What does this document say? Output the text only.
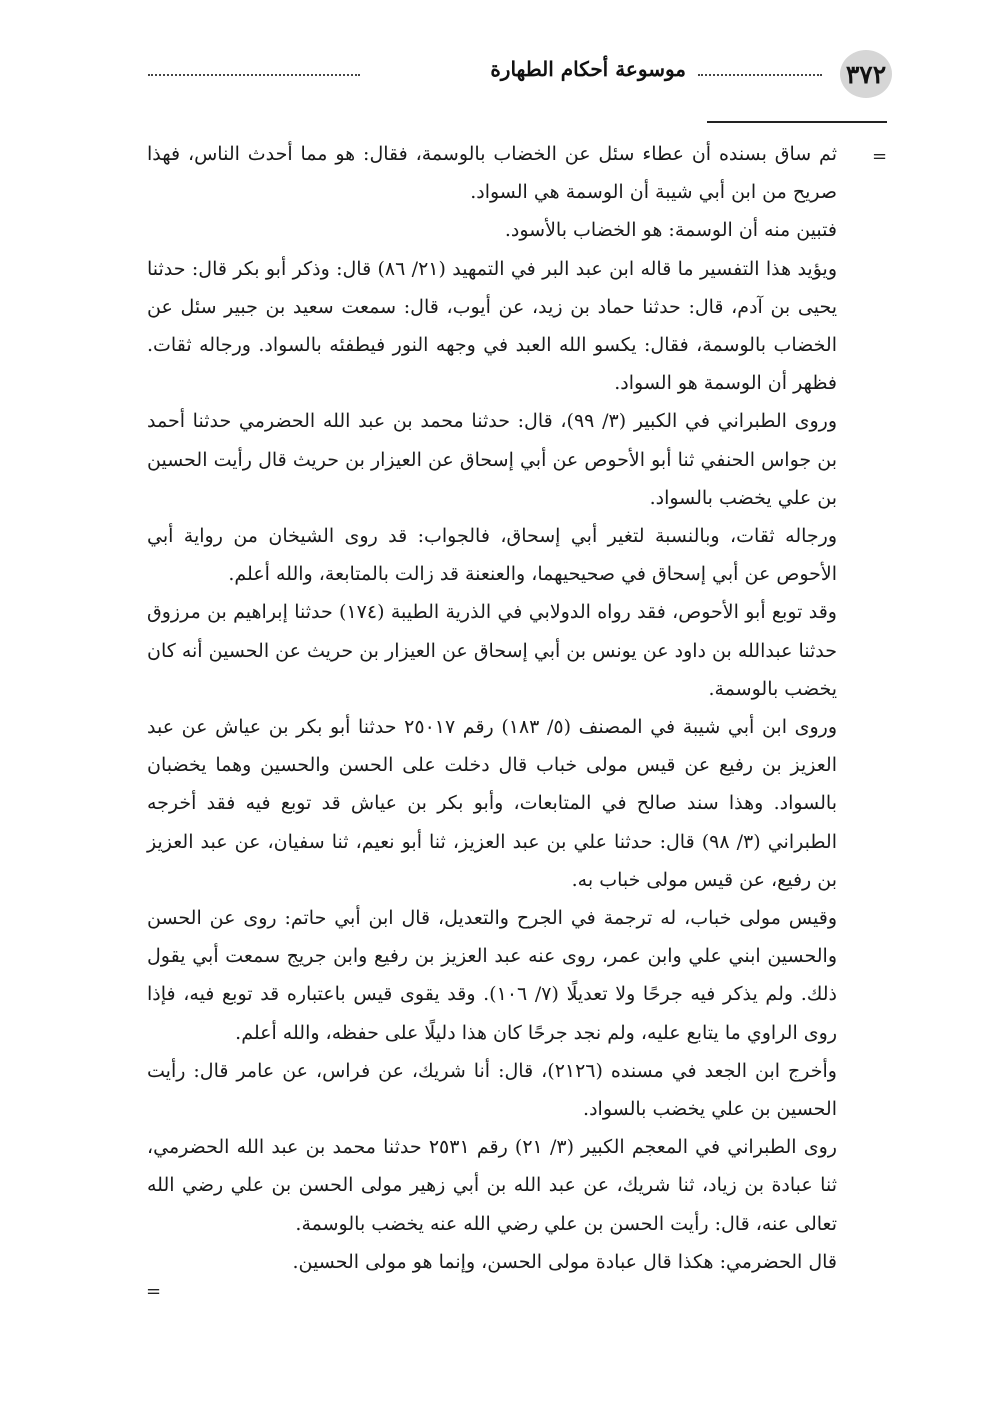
٣٧٢
موسوعة أحكام الطهارة
=

ثم ساق بسنده أن عطاء سئل عن الخضاب بالوسمة، فقال: هو مما أحدث الناس، فهذا صريح من ابن أبي شيبة أن الوسمة هي السواد.

فتبين منه أن الوسمة: هو الخضاب بالأسود.

ويؤيد هذا التفسير ما قاله ابن عبد البر في التمهيد (٢١/ ٨٦) قال: وذكر أبو بكر قال: حدثنا يحيى بن آدم، قال: حدثنا حماد بن زيد، عن أيوب، قال: سمعت سعيد بن جبير سئل عن الخضاب بالوسمة، فقال: يكسو الله العبد في وجهه النور فيطفئه بالسواد. ورجاله ثقات. فظهر أن الوسمة هو السواد.

وروى الطبراني في الكبير (٣/ ٩٩)، قال: حدثنا محمد بن عبد الله الحضرمي حدثنا أحمد بن جواس الحنفي ثنا أبو الأحوص عن أبي إسحاق عن العيزار بن حريث قال رأيت الحسين بن علي يخضب بالسواد.

ورجاله ثقات، وبالنسبة لتغير أبي إسحاق، فالجواب: قد روى الشيخان من رواية أبي الأحوص عن أبي إسحاق في صحيحيهما، والعنعنة قد زالت بالمتابعة، والله أعلم.

وقد توبع أبو الأحوص، فقد رواه الدولابي في الذرية الطيبة (١٧٤) حدثنا إبراهيم بن مرزوق حدثنا عبدالله بن داود عن يونس بن أبي إسحاق عن العيزار بن حريث عن الحسين أنه كان يخضب بالوسمة.

وروى ابن أبي شيبة في المصنف (٥/ ١٨٣) رقم ٢٥٠١٧ حدثنا أبو بكر بن عياش عن عبد العزيز بن رفيع عن قيس مولى خباب قال دخلت على الحسن والحسين وهما يخضبان بالسواد. وهذا سند صالح في المتابعات، وأبو بكر بن عياش قد توبع فيه فقد أخرجه الطبراني (٣/ ٩٨) قال: حدثنا علي بن عبد العزيز، ثنا أبو نعيم، ثنا سفيان، عن عبد العزيز بن رفيع، عن قيس مولى خباب به.

وقيس مولى خباب، له ترجمة في الجرح والتعديل، قال ابن أبي حاتم: روى عن الحسن والحسين ابني علي وابن عمر، روى عنه عبد العزيز بن رفيع وابن جريج سمعت أبي يقول ذلك. ولم يذكر فيه جرحًا ولا تعديلًا (٧/ ١٠٦). وقد يقوى قيس باعتباره قد توبع فيه، فإذا روى الراوي ما يتابع عليه، ولم نجد جرحًا كان هذا دليلًا على حفظه، والله أعلم.

وأخرج ابن الجعد في مسنده (٢١٢٦)، قال: أنا شريك، عن فراس، عن عامر قال: رأيت الحسين بن علي يخضب بالسواد.

روى الطبراني في المعجم الكبير (٣/ ٢١) رقم ٢٥٣١ حدثنا محمد بن عبد الله الحضرمي، ثنا عبادة بن زياد، ثنا شريك، عن عبد الله بن أبي زهير مولى الحسن بن علي رضي الله تعالى عنه، قال: رأيت الحسن بن علي رضي الله عنه يخضب بالوسمة.

قال الحضرمي: هكذا قال عبادة مولى الحسن، وإنما هو مولى الحسين.

=
